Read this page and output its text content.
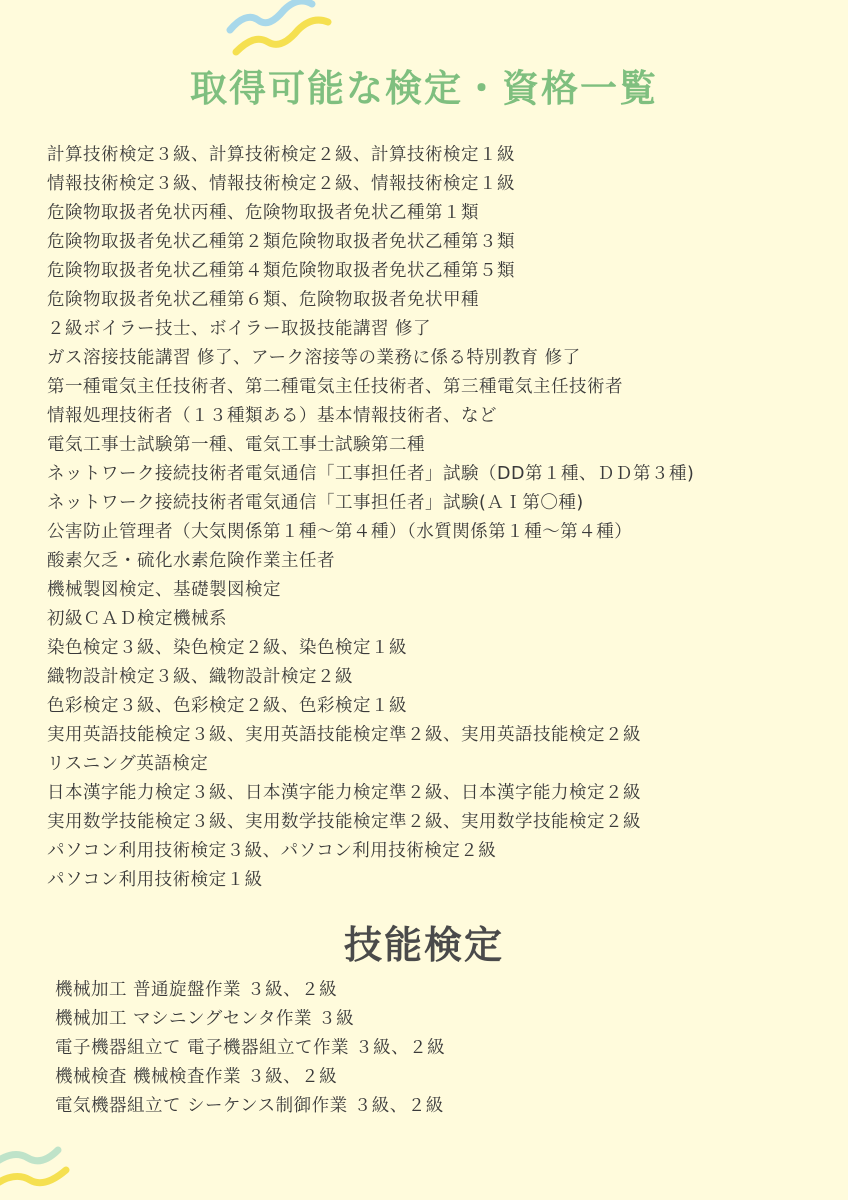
取得可能な検定・資格一覧
計算技術検定３級、計算技術検定２級、計算技術検定１級
情報技術検定３級、情報技術検定２級、情報技術検定１級
危険物取扱者免状丙種、危険物取扱者免状乙種第１類
危険物取扱者免状乙種第２類危険物取扱者免状乙種第３類
危険物取扱者免状乙種第４類危険物取扱者免状乙種第５類
危険物取扱者免状乙種第６類、危険物取扱者免状甲種
２級ボイラー技士、ボイラー取扱技能講習 修了
ガス溶接技能講習 修了、アーク溶接等の業務に係る特別教育 修了
第一種電気主任技術者、第二種電気主任技術者、第三種電気主任技術者
情報処理技術者（１３種類ある）基本情報技術者、など
電気工事士試験第一種、電気工事士試験第二種
ネットワーク接続技術者電気通信「工事担任者」試験（DD第１種、ＤＤ第３種)
ネットワーク接続技術者電気通信「工事担任者」試験(ＡＩ第〇種)
公害防止管理者（大気関係第１種〜第４種）（水質関係第１種〜第４種）
酸素欠乏・硫化水素危険作業主任者
機械製図検定、基礎製図検定
初級ＣＡＤ検定機械系
染色検定３級、染色検定２級、染色検定１級
織物設計検定３級、織物設計検定２級
色彩検定３級、色彩検定２級、色彩検定１級
実用英語技能検定３級、実用英語技能検定準２級、実用英語技能検定２級
リスニング英語検定
日本漢字能力検定３級、日本漢字能力検定準２級、日本漢字能力検定２級
実用数学技能検定３級、実用数学技能検定準２級、実用数学技能検定２級
パソコン利用技術検定３級、パソコン利用技術検定２級
パソコン利用技術検定１級
技能検定
機械加工 普通旋盤作業 ３級、２級
機械加工 マシニングセンタ作業 ３級
電子機器組立て 電子機器組立て作業 ３級、２級
機械検査 機械検査作業 ３級、２級
電気機器組立て シーケンス制御作業 ３級、２級
